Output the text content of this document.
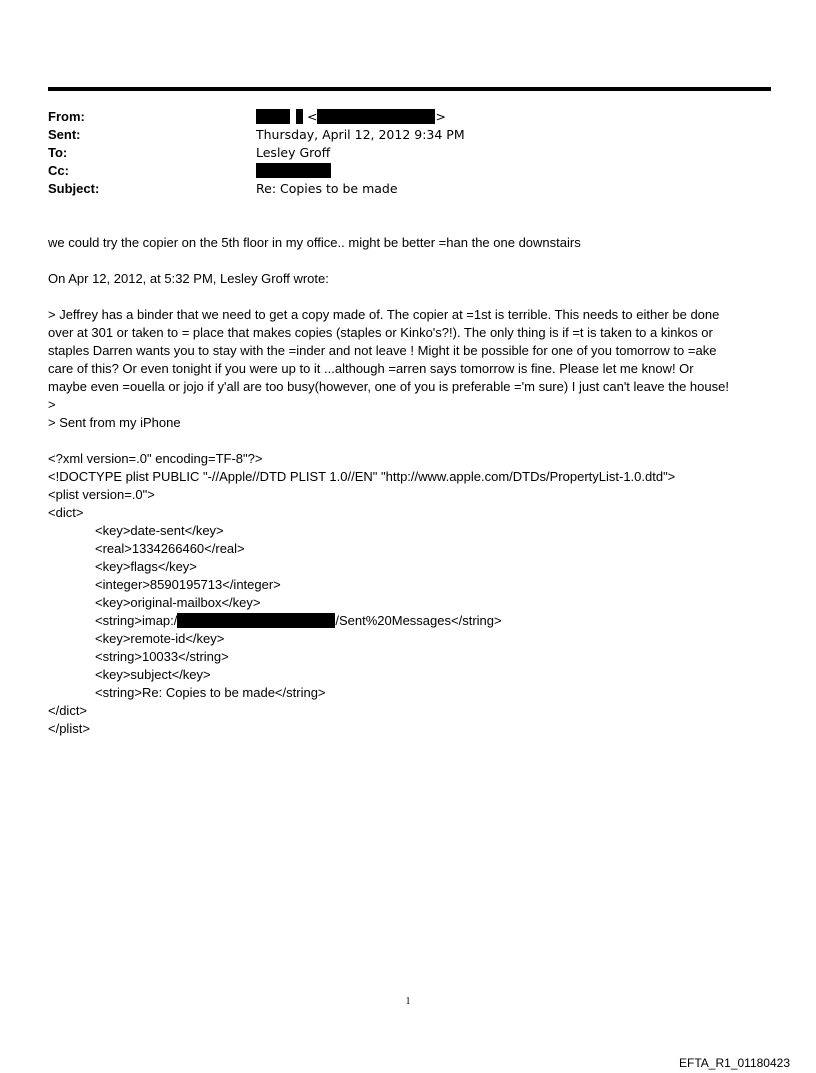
From:	<	>
Sent:	Thursday, April 12, 2012 9:34 PM
To:	Lesley Groff
Cc:
Subject:	Re: Copies to be made

we could try the copier on the 5th floor in my office.. might be better =han the one downstairs

On Apr 12, 2012, at 5:32 PM, Lesley Groff wrote:

> Jeffrey has a binder that we need to get a copy made of. The copier at =1st is terrible. This needs to either be done

over at 301 or taken to = place that makes copies (staples or Kinko's?!). The only thing is if =t is taken to a kinkos or

staples Darren wants you to stay with the =inder and not leave ! Might it be possible for one of you tomorrow to =ake

care of this? Or even tonight if you were up to it ...although =arren says tomorrow is fine. Please let me know! Or

maybe even =ouella or jojo if y'all are too busy(however, one of you is preferable ='m sure) I just can't leave the house!

>

> Sent from my iPhone

<?xml version=.0" encoding=TF-8"?>

<!DOCTYPE plist PUBLIC "-//Apple//DTD PLIST 1.0//EN" "http://www.apple.com/DTDs/PropertyList-1.0.dtd">

<plist version=.0">

<dict>

<key>date-sent</key>

<real>1334266460</real>

<key>flags</key>

<integer>8590195713</integer>

<key>original-mailbox</key>

<string>imap:/	/Sent%20Messages</string>

<key>remote-id</key>

<string>10033</string>

<key>subject</key>

<string>Re: Copies to be made</string>

</dict>

</plist>

1
EFTA_R1_01180423
